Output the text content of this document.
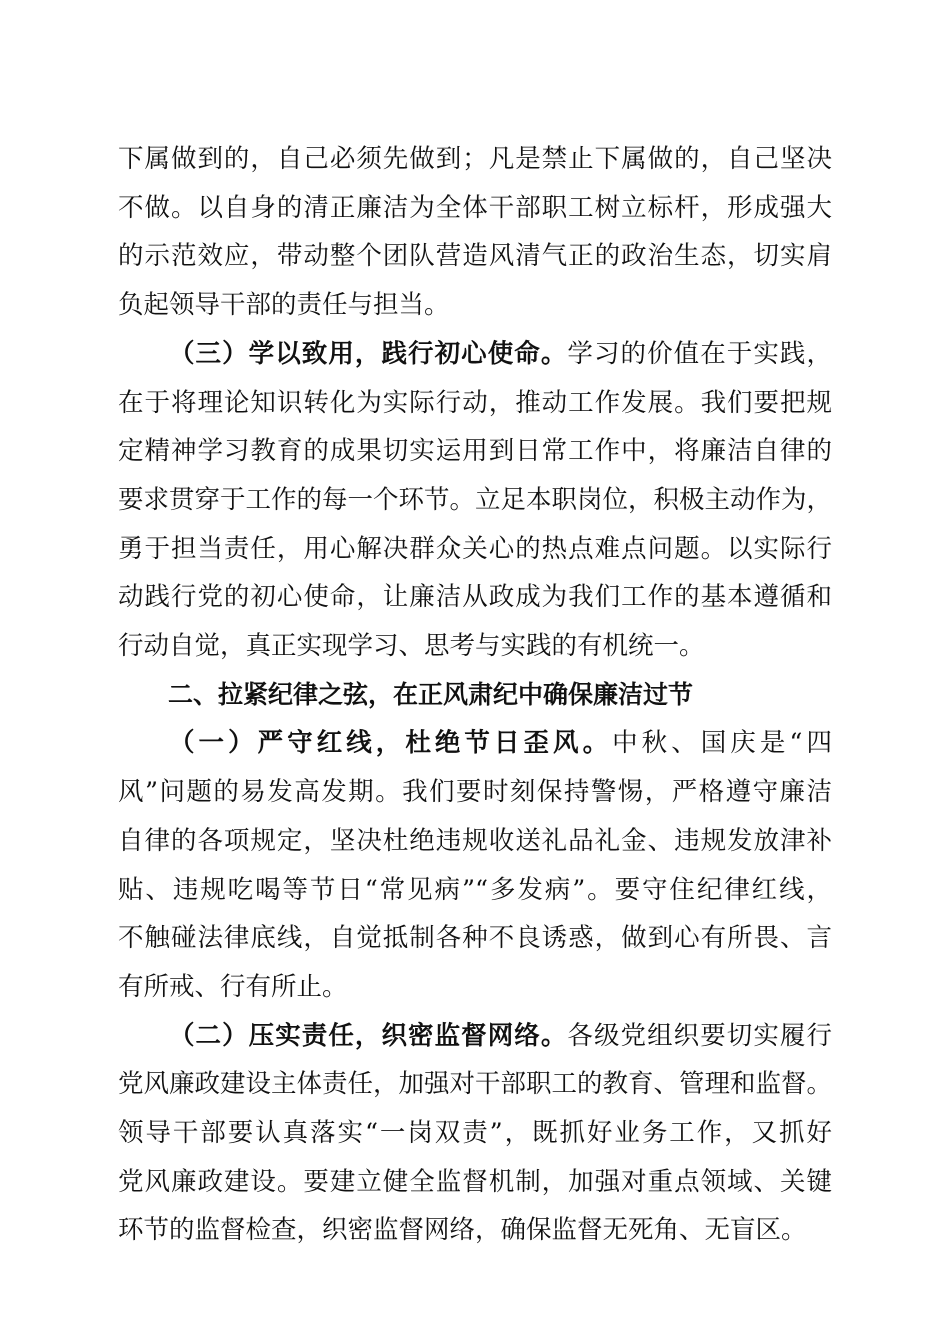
下属做到的，自己必须先做到；凡是禁止下属做的，自己坚决
不做。以自身的清正廉洁为全体干部职工树立标杆，形成强大
的示范效应，带动整个团队营造风清气正的政治生态，切实肩
负起领导干部的责任与担当。
（三）学以致用，践行初心使命。学习的价值在于实践，
在于将理论知识转化为实际行动，推动工作发展。我们要把规
定精神学习教育的成果切实运用到日常工作中，将廉洁自律的
要求贯穿于工作的每一个环节。立足本职岗位，积极主动作为，
勇于担当责任，用心解决群众关心的热点难点问题。以实际行
动践行党的初心使命，让廉洁从政成为我们工作的基本遵循和
行动自觉，真正实现学习、思考与实践的有机统一。
二、拉紧纪律之弦，在正风肃纪中确保廉洁过节
（一）严守红线，杜绝节日歪风。中秋、国庆是“四
风”问题的易发高发期。我们要时刻保持警惕，严格遵守廉洁
自律的各项规定，坚决杜绝违规收送礼品礼金、违规发放津补
贴、违规吃喝等节日“常见病”“多发病”。要守住纪律红线，
不触碰法律底线，自觉抵制各种不良诱惑，做到心有所畏、言
有所戒、行有所止。
（二）压实责任，织密监督网络。各级党组织要切实履行
党风廉政建设主体责任，加强对干部职工的教育、管理和监督。
领导干部要认真落实“一岗双责”，既抓好业务工作，又抓好
党风廉政建设。要建立健全监督机制，加强对重点领域、关键
环节的监督检查，织密监督网络，确保监督无死角、无盲区。
